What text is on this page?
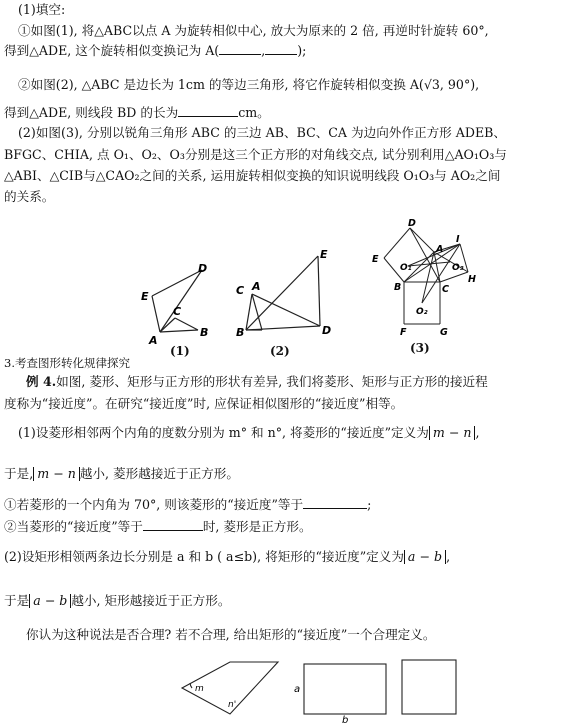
(1)填空:
①如图(1), 将△ABC以点 A 为旋转相似中心, 放大为原来的 2 倍, 再逆时针旋转 60°,
得到△ADE, 这个旋转相似变换记为 A(	,	);
②如图(2), △ABC 是边长为 1cm 的等边三角形, 将它作旋转相似变换 A(√3, 90°),
得到△ADE, 则线段 BD 的长为	cm。
(2)如图(3), 分别以锐角三角形 ABC 的三边 AB、BC、CA 为边向外作正方形 ADEB、
BFGC、CHIA, 点 O₁、O₂、O₃分别是这三个正方形的对角线交点, 试分别利用△AO₁O₃与
△ABI、△CIB与△CAO₂之间的关系, 运用旋转相似变换的知识说明线段 O₁O₃与 AO₂之间
的关系。
D
E
C
A
B
(1)
E
C A
B	D
(2)
D
E
I
O₁	O₃
H
A
B	C
O₂
F	G
(3)
3.考查图形转化规律探究
例 4.如图, 菱形、矩形与正方形的形状有差异, 我们将菱形、矩形与正方形的接近程
度称为“接近度”。在研究“接近度”时, 应保证相似图形的“接近度”相等。
(1)设菱形相邻两个内角的度数分别为 m° 和 n°, 将菱形的“接近度”定义为 m − n ,
于是, m − n 越小, 菱形越接近于正方形。
①若菱形的一个内角为 70°, 则该菱形的“接近度”等于	;
②当菱形的“接近度”等于	时, 菱形是正方形。
(2)设矩形相领两条边长分别是 a 和 b ( a≤b), 将矩形的“接近度”定义为 a − b ,
于是 a − b 越小, 矩形越接近于正方形。
你认为这种说法是否合理? 若不合理, 给出矩形的“接近度”一个合理定义。
m
n'
a
b
